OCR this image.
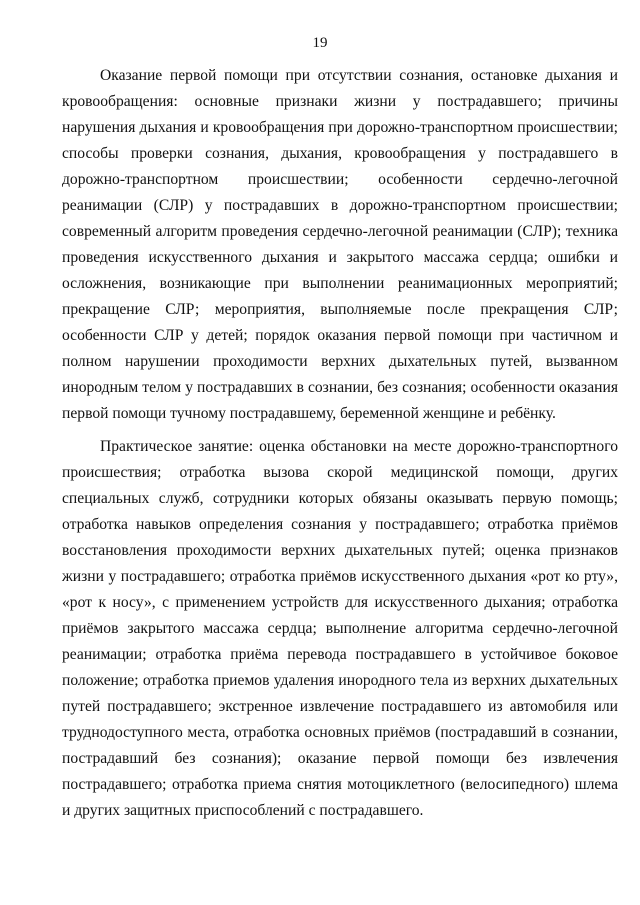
19

Оказание первой помощи при отсутствии сознания, остановке дыхания и кровообращения: основные признаки жизни у пострадавшего; причины нарушения дыхания и кровообращения при дорожно-транспортном происшествии; способы проверки сознания, дыхания, кровообращения у пострадавшего в дорожно-транспортном происшествии; особенности сердечно-легочной реанимации (СЛР) у пострадавших в дорожно-транспортном происшествии; современный алгоритм проведения сердечно-легочной реанимации (СЛР); техника проведения искусственного дыхания и закрытого массажа сердца; ошибки и осложнения, возникающие при выполнении реанимационных мероприятий; прекращение СЛР; мероприятия, выполняемые после прекращения СЛР; особенности СЛР у детей; порядок оказания первой помощи при частичном и полном нарушении проходимости верхних дыхательных путей, вызванном инородным телом у пострадавших в сознании, без сознания; особенности оказания первой помощи тучному пострадавшему, беременной женщине и ребёнку.

Практическое занятие: оценка обстановки на месте дорожно-транспортного происшествия; отработка вызова скорой медицинской помощи, других специальных служб, сотрудники которых обязаны оказывать первую помощь; отработка навыков определения сознания у пострадавшего; отработка приёмов восстановления проходимости верхних дыхательных путей; оценка признаков жизни у пострадавшего; отработка приёмов искусственного дыхания «рот ко рту», «рот к носу», с применением устройств для искусственного дыхания; отработка приёмов закрытого массажа сердца; выполнение алгоритма сердечно-легочной реанимации; отработка приёма перевода пострадавшего в устойчивое боковое положение; отработка приемов удаления инородного тела из верхних дыхательных путей пострадавшего; экстренное извлечение пострадавшего из автомобиля или труднодоступного места, отработка основных приёмов (пострадавший в сознании, пострадавший без сознания); оказание первой помощи без извлечения пострадавшего; отработка приема снятия мотоциклетного (велосипедного) шлема и других защитных приспособлений с пострадавшего.
